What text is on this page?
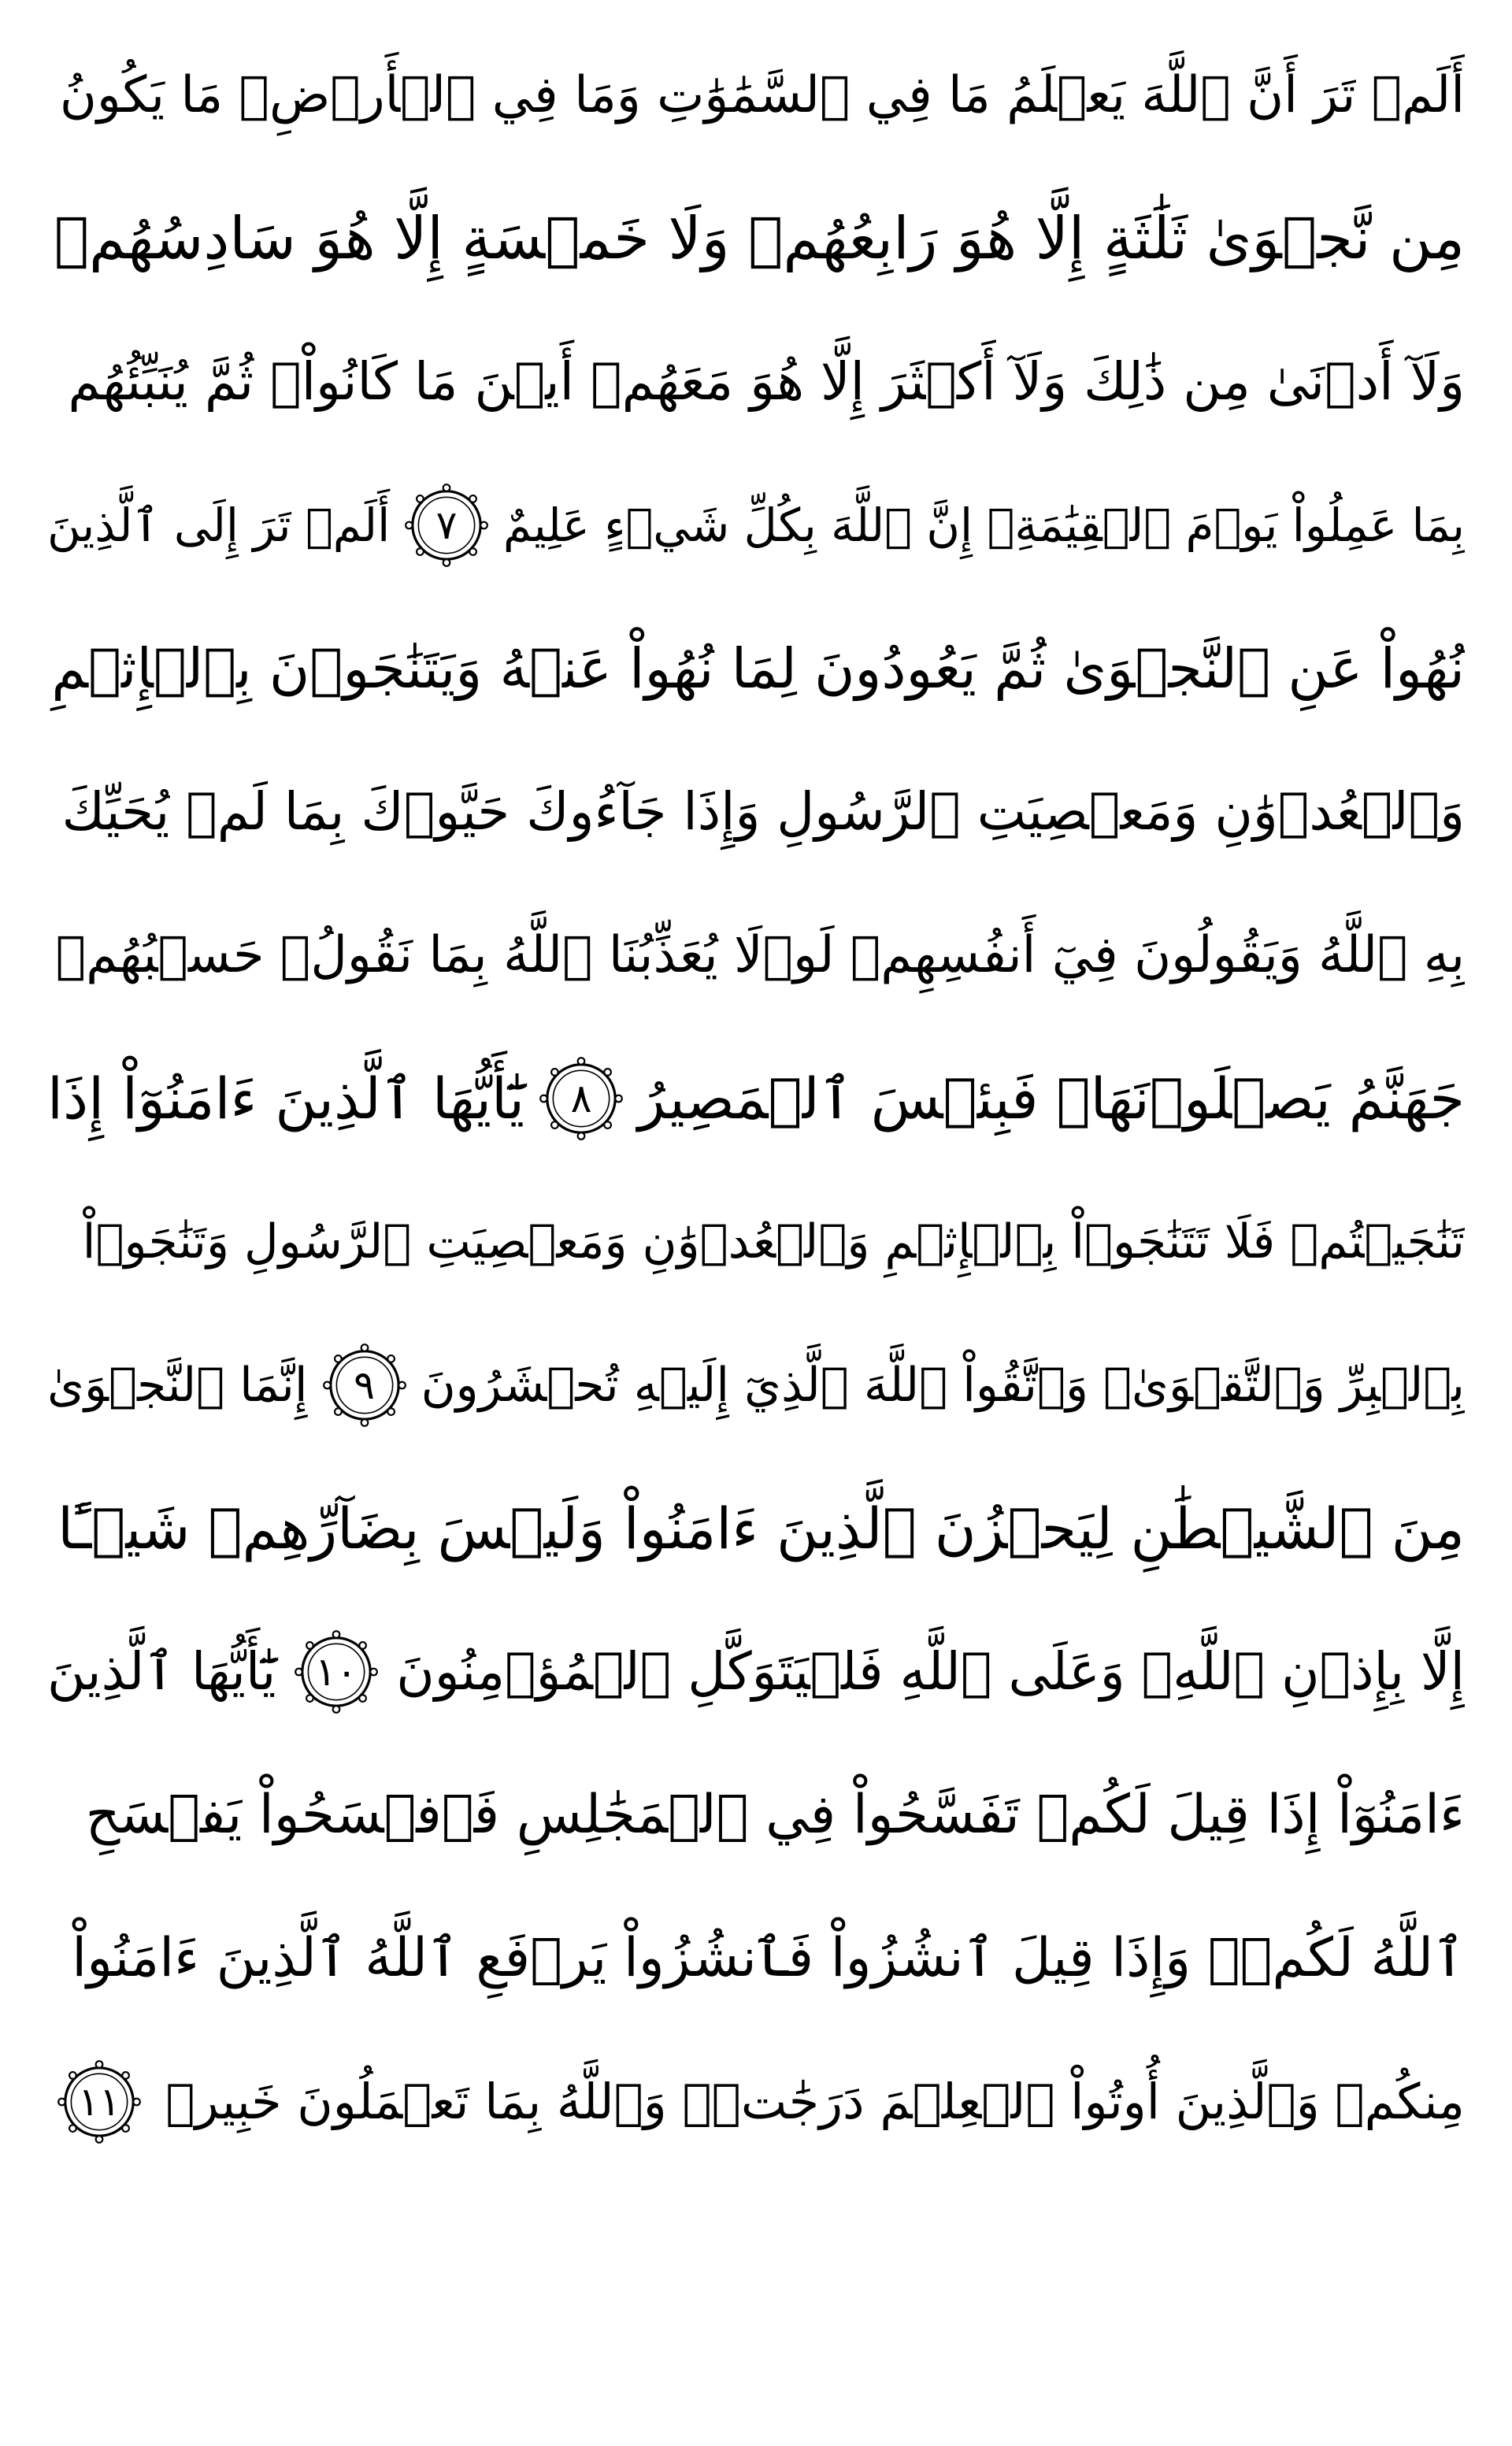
أَلَمۡ تَرَ أَنَّ ٱللَّهَ يَعۡلَمُ مَا فِي ٱلسَّمَٰوَٰتِ وَمَا فِي ٱلۡأَرۡضِۖ مَا يَكُونُ
مِن نَّجۡوَىٰ ثَلَٰثَةٍ إِلَّا هُوَ رَابِعُهُمۡ وَلَا خَمۡسَةٍ إِلَّا هُوَ سَادِسُهُمۡ
وَلَآ أَدۡنَىٰ مِن ذَٰلِكَ وَلَآ أَكۡثَرَ إِلَّا هُوَ مَعَهُمۡ أَيۡنَ مَا كَانُواْۖ ثُمَّ يُنَبِّئُهُم
بِمَا عَمِلُواْ يَوۡمَ ٱلۡقِيَٰمَةِۚ إِنَّ ٱللَّهَ بِكُلِّ شَيۡءٍ عَلِيمٌ
٧
أَلَمۡ تَرَ إِلَى ٱلَّذِينَ
نُهُواْ عَنِ ٱلنَّجۡوَىٰ ثُمَّ يَعُودُونَ لِمَا نُهُواْ عَنۡهُ وَيَتَنَٰجَوۡنَ بِٱلۡإِثۡمِ
وَٱلۡعُدۡوَٰنِ وَمَعۡصِيَتِ ٱلرَّسُولِ وَإِذَا جَآءُوكَ حَيَّوۡكَ بِمَا لَمۡ يُحَيِّكَ
بِهِ ٱللَّهُ وَيَقُولُونَ فِيٓ أَنفُسِهِمۡ لَوۡلَا يُعَذِّبُنَا ٱللَّهُ بِمَا نَقُولُۚ حَسۡبُهُمۡ
جَهَنَّمُ يَصۡلَوۡنَهَاۖ فَبِئۡسَ ٱلۡمَصِيرُ
٨
يَٰٓأَيُّهَا ٱلَّذِينَ ءَامَنُوٓاْ إِذَا
تَنَٰجَيۡتُمۡ فَلَا تَتَنَٰجَوۡاْ بِٱلۡإِثۡمِ وَٱلۡعُدۡوَٰنِ وَمَعۡصِيَتِ ٱلرَّسُولِ وَتَنَٰجَوۡاْ
بِٱلۡبِرِّ وَٱلتَّقۡوَىٰۖ وَٱتَّقُواْ ٱللَّهَ ٱلَّذِيٓ إِلَيۡهِ تُحۡشَرُونَ
٩
إِنَّمَا ٱلنَّجۡوَىٰ
مِنَ ٱلشَّيۡطَٰنِ لِيَحۡزُنَ ٱلَّذِينَ ءَامَنُواْ وَلَيۡسَ بِضَآرِّهِمۡ شَيۡـًٔا
إِلَّا بِإِذۡنِ ٱللَّهِۚ وَعَلَى ٱللَّهِ فَلۡيَتَوَكَّلِ ٱلۡمُؤۡمِنُونَ
١٠
يَٰٓأَيُّهَا ٱلَّذِينَ
ءَامَنُوٓاْ إِذَا قِيلَ لَكُمۡ تَفَسَّحُواْ فِي ٱلۡمَجَٰلِسِ فَٱفۡسَحُواْ يَفۡسَحِ
ٱللَّهُ لَكُمۡۖ وَإِذَا قِيلَ ٱنشُزُواْ فَٱنشُزُواْ يَرۡفَعِ ٱللَّهُ ٱلَّذِينَ ءَامَنُواْ
مِنكُمۡ وَٱلَّذِينَ أُوتُواْ ٱلۡعِلۡمَ دَرَجَٰتٖۚ وَٱللَّهُ بِمَا تَعۡمَلُونَ خَبِيرٞ
١١
